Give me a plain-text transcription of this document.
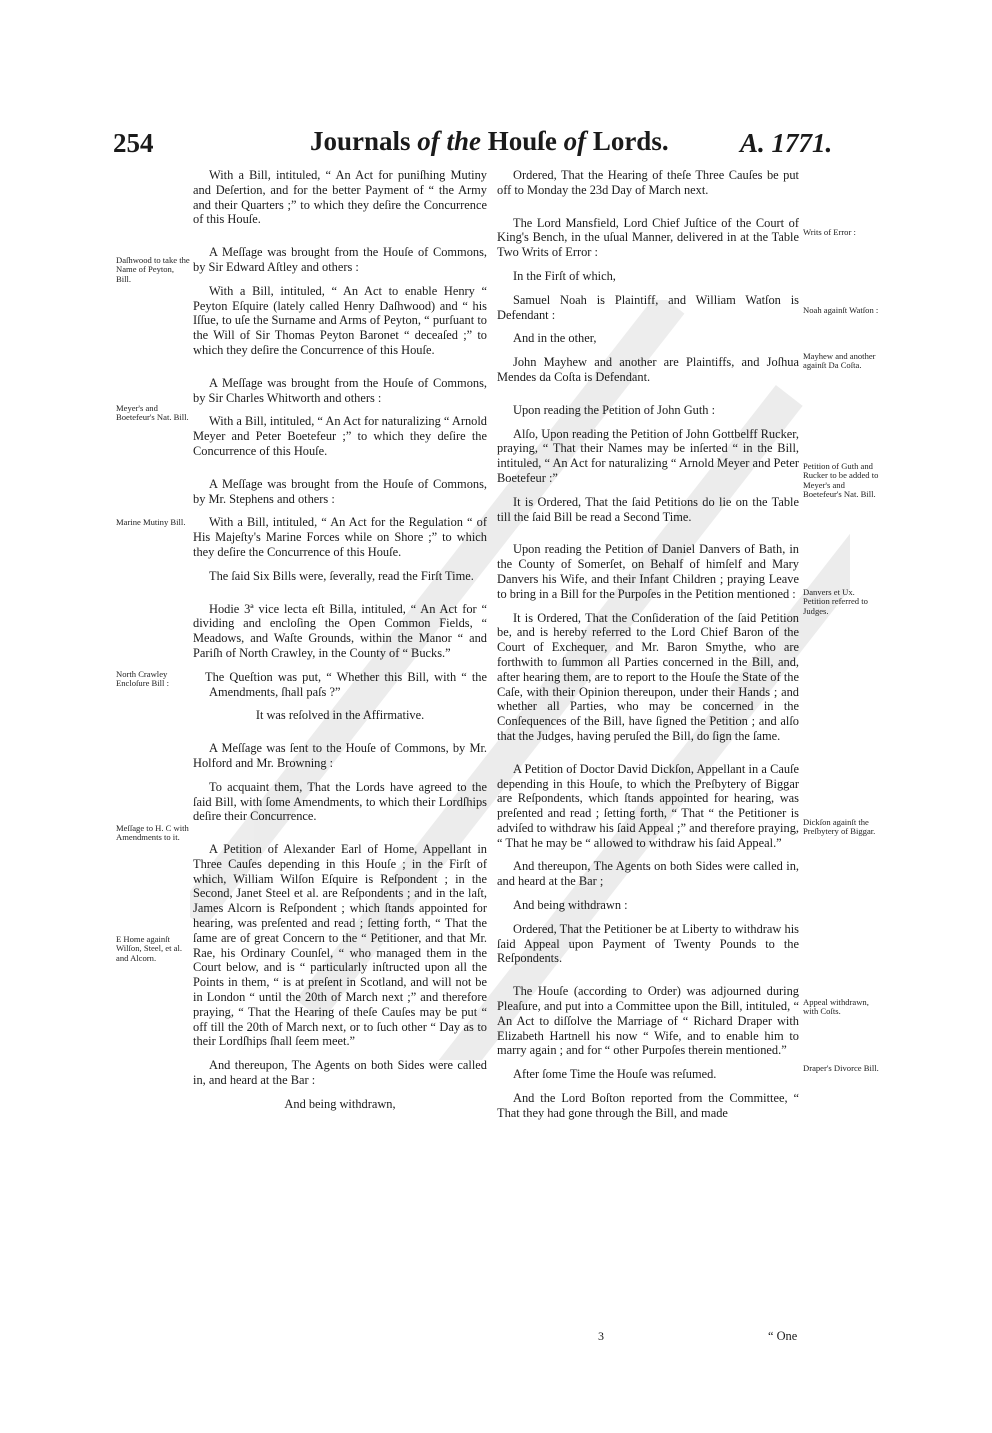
254	Journals of the Houſe of Lords.	A. 1771.

With a Bill, intituled, “ An Act for puniſhing Mutiny and Deſertion, and for the better Payment of “ the Army and their Quarters ;” to which they deſire the Concurrence of this Houſe.

A Meſſage was brought from the Houſe of Commons, by Sir Edward Aſtley and others :

With a Bill, intituled, “ An Act to enable Henry “ Peyton Eſquire (lately called Henry Daſhwood) and “ his Iſſue, to uſe the Surname and Arms of Peyton, “ purſuant to the Will of Sir Thomas Peyton Baronet “ deceaſed ;” to which they deſire the Concurrence of this Houſe.

A Meſſage was brought from the Houſe of Commons, by Sir Charles Whitworth and others :

With a Bill, intituled, “ An Act for naturalizing “ Arnold Meyer and Peter Boetefeur ;” to which they deſire the Concurrence of this Houſe.

A Meſſage was brought from the Houſe of Commons, by Mr. Stephens and others :

With a Bill, intituled, “ An Act for the Regulation “ of His Majeſty's Marine Forces while on Shore ;” to which they deſire the Concurrence of this Houſe.

The ſaid Six Bills were, ſeverally, read the Firſt Time.

Hodie 3ª vice lecta eſt Billa, intituled, “ An Act for “ dividing and encloſing the Open Common Fields, “ Meadows, and Waſte Grounds, within the Manor “ and Pariſh of North Crawley, in the County of “ Bucks.”

The Queſtion was put, “ Whether this Bill, with “ the Amendments, ſhall paſs ?”

It was reſolved in the Affirmative.

A Meſſage was ſent to the Houſe of Commons, by Mr. Holford and Mr. Browning :

To acquaint them, That the Lords have agreed to the ſaid Bill, with ſome Amendments, to which their Lordſhips deſire their Concurrence.

A Petition of Alexander Earl of Home, Appellant in Three Cauſes depending in this Houſe ; in the Firſt of which, William Wilſon Eſquire is Reſpondent ; in the Second, Janet Steel et al. are Reſpondents ; and in the laſt, James Alcorn is Reſpondent ; which ſtands appointed for hearing, was preſented and read ; ſetting forth, “ That the ſame are of great Concern to the “ Petitioner, and that Mr. Rae, his Ordinary Counſel, “ who managed them in the Court below, and is “ particularly inſtructed upon all the Points in them, “ is at preſent in Scotland, and will not be in London “ until the 20th of March next ;” and therefore praying, “ That the Hearing of theſe Cauſes may be put “ off till the 20th of March next, or to ſuch other “ Day as to their Lordſhips ſhall ſeem meet.”

And thereupon, The Agents on both Sides were called in, and heard at the Bar :

And being withdrawn,

Ordered, That the Hearing of theſe Three Cauſes be put off to Monday the 23d Day of March next.

The Lord Mansfield, Lord Chief Juſtice of the Court of King's Bench, in the uſual Manner, delivered in at the Table Two Writs of Error :

In the Firſt of which,

Samuel Noah is Plaintiff, and William Watſon is Defendant :

And in the other,

John Mayhew and another are Plaintiffs, and Joſhua Mendes da Coſta is Defendant.

Upon reading the Petition of John Guth :

Alſo, Upon reading the Petition of John Gottbelff Rucker, praying, “ That their Names may be inſerted “ in the Bill, intituled, “ An Act for naturalizing “ Arnold Meyer and Peter Boetefeur :”

It is Ordered, That the ſaid Petitions do lie on the Table till the ſaid Bill be read a Second Time.

Upon reading the Petition of Daniel Danvers of Bath, in the County of Somerſet, on Behalf of himſelf and Mary Danvers his Wife, and their Infant Children ; praying Leave to bring in a Bill for the Purpoſes in the Petition mentioned :

It is Ordered, That the Conſideration of the ſaid Petition be, and is hereby referred to the Lord Chief Baron of the Court of Exchequer, and Mr. Baron Smythe, who are forthwith to ſummon all Parties concerned in the Bill, and, after hearing them, are to report to the Houſe the State of the Caſe, with their Opinion thereupon, under their Hands ; and whether all Parties, who may be concerned in the Conſequences of the Bill, have ſigned the Petition ; and alſo that the Judges, having peruſed the Bill, do ſign the ſame.

A Petition of Doctor David Dickſon, Appellant in a Cauſe depending in this Houſe, to which the Preſbytery of Biggar are Reſpondents, which ſtands appointed for hearing, was preſented and read ; ſetting forth, “ That “ the Petitioner is adviſed to withdraw his ſaid Appeal ;” and therefore praying, “ That he may be “ allowed to withdraw his ſaid Appeal.”

And thereupon, The Agents on both Sides were called in, and heard at the Bar ;

And being withdrawn :

Ordered, That the Petitioner be at Liberty to withdraw his ſaid Appeal upon Payment of Twenty Pounds to the Reſpondents.

The Houſe (according to Order) was adjourned during Pleaſure, and put into a Committee upon the Bill, intituled, “ An Act to diſſolve the Marriage of “ Richard Draper with Elizabeth Hartnell his now “ Wife, and to enable him to marry again ; and for “ other Purpoſes therein mentioned.”

After ſome Time the Houſe was reſumed.

And the Lord Boſton reported from the Committee, “ That they had gone through the Bill, and made

Daſhwood to take the Name of Peyton, Bill.
Meyer's and Boetefeur's Nat. Bill.
Marine Mutiny Bill.
North Crawley Encloſure Bill :
Meſſage to H. C with Amendments to it.
E Home againſt Wilſon, Steel, et al. and Alcorn.
Writs of Error :
Noah againſt Watſon :
Mayhew and another againſt Da Coſta.
Petition of Guth and Rucker to be added to Meyer's and Boetefeur's Nat. Bill.
Danvers et Ux. Petition referred to Judges.
Dickſon againſt the Preſbytery of Biggar.
Appeal withdrawn, with Coſts.
Draper's Divorce Bill.
3	“ One
